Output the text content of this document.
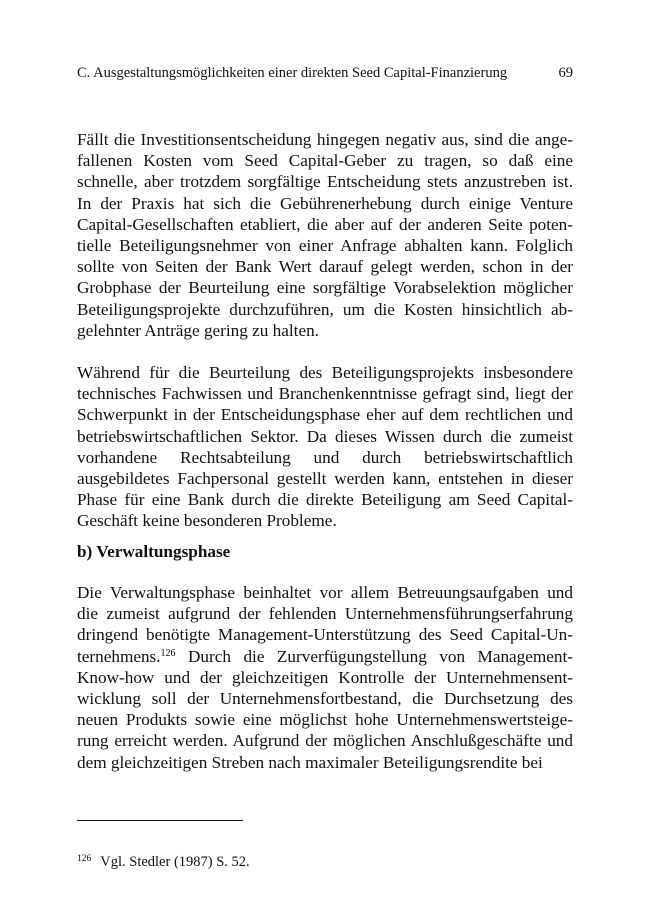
C. Ausgestaltungsmöglichkeiten einer direkten Seed Capital-Finanzierung	69

Fällt die Investitionsentscheidung hingegen negativ aus, sind die angefallenen Kosten vom Seed Capital-Geber zu tragen, so daß eine schnelle, aber trotzdem sorgfältige Entscheidung stets anzustreben ist. In der Praxis hat sich die Gebührenerhebung durch einige Venture Capital-Gesellschaften etabliert, die aber auf der anderen Seite potentielle Beteiligungsnehmer von einer Anfrage abhalten kann. Folglich sollte von Seiten der Bank Wert darauf gelegt werden, schon in der Grobphase der Beurteilung eine sorgfältige Vorabselektion möglicher Beteiligungsprojekte durchzuführen, um die Kosten hinsichtlich abgelehnter Anträge gering zu halten.

Während für die Beurteilung des Beteiligungsprojekts insbesondere technisches Fachwissen und Branchenkenntnisse gefragt sind, liegt der Schwerpunkt in der Entscheidungsphase eher auf dem rechtlichen und betriebswirtschaftlichen Sektor. Da dieses Wissen durch die zumeist vorhandene Rechtsabteilung und durch betriebswirtschaftlich ausgebildetes Fachpersonal gestellt werden kann, entstehen in dieser Phase für eine Bank durch die direkte Beteiligung am Seed Capital-Geschäft keine besonderen Probleme.

b) Verwaltungsphase

Die Verwaltungsphase beinhaltet vor allem Betreuungsaufgaben und die zumeist aufgrund der fehlenden Unternehmensführungserfahrung dringend benötigte Management-Unterstützung des Seed Capital-Unternehmens.$^{126}$ Durch die Zurverfügungstellung von Management-Know-how und der gleichzeitigen Kontrolle der Unternehmensentwicklung soll der Unternehmensfortbestand, die Durchsetzung des neuen Produkts sowie eine möglichst hohe Unternehmenswertsteigerung erreicht werden. Aufgrund der möglichen Anschlußgeschäfte und dem gleichzeitigen Streben nach maximaler Beteiligungsrendite bei

$^{126}$ Vgl. Stedler (1987) S. 52.
